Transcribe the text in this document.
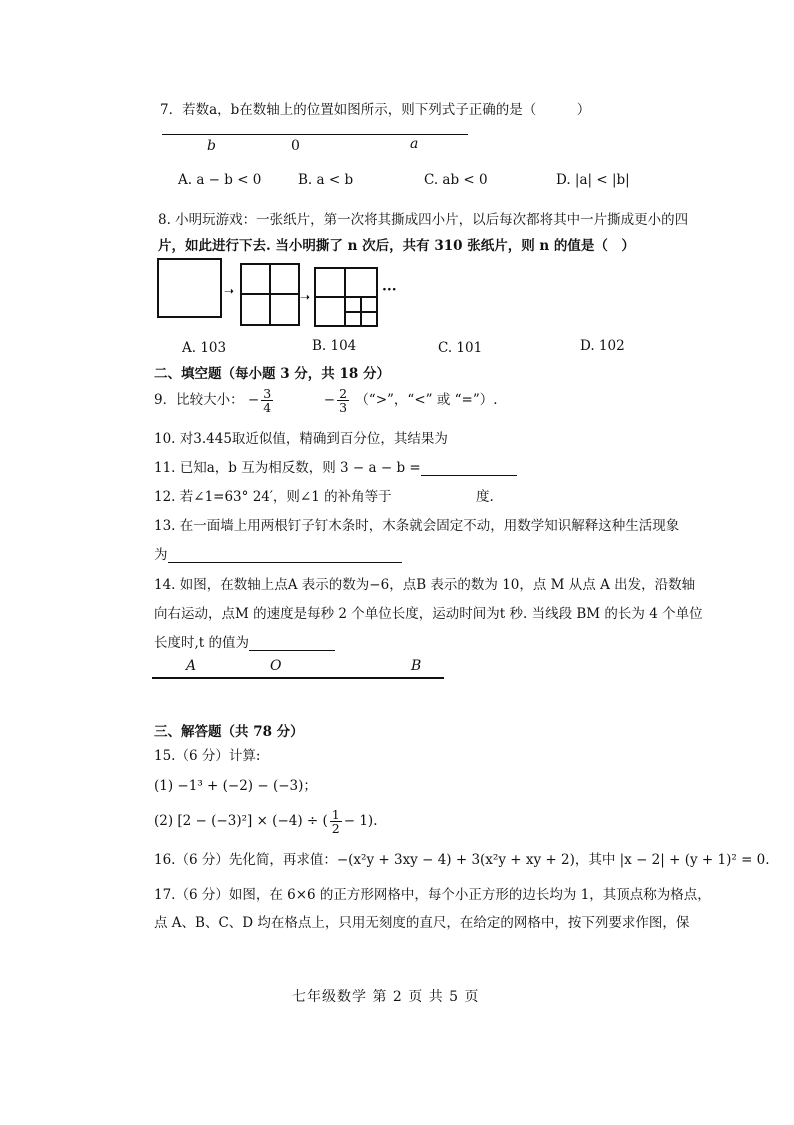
7．若数a，b在数轴上的位置如图所示，则下列式子正确的是（　　　）
b	0	a
A. a − b < 0	B. a < b	C. ab < 0	D. |a| < |b|
8. 小明玩游戏：一张纸片，第一次将其撕成四小片，以后每次都将其中一片撕成更小的四
片，如此进行下去. 当小明撕了 n 次后，共有 310 张纸片，则 n 的值是（　）
➝	➝	···
A. 103	B. 104	C. 101	D. 102
二、填空题（每小题 3 分，共 18 分）
9．比较大小： − $\frac{3}{4}$	− $\frac{2}{3}$ （“>”，“<” 或 “=”）.
10. 对3.445取近似值，精确到百分位，其结果为
11. 已知a，b 互为相反数，则 3 − a − b =
12. 若∠1=63° 24′，则∠1 的补角等于	度.
13. 在一面墙上用两根钉子钉木条时，木条就会固定不动，用数学知识解释这种生活现象
为
14. 如图，在数轴上点A 表示的数为−6，点B 表示的数为 10，点 M 从点 A 出发，沿数轴
向右运动，点M 的速度是每秒 2 个单位长度，运动时间为t 秒. 当线段 BM 的长为 4 个单位
长度时,t 的值为
A	O	B
三、解答题（共 78 分）
15.（6 分）计算:
(1) −1³ + (−2) − (−3)；
(2) [2 − (−3)²] × (−4) ÷ ( $\frac{1}{2} - 1$).
16.（6 分）先化简，再求值：−(x²y + 3xy − 4) + 3(x²y + xy + 2)，其中 |x − 2| + (y + 1)² = 0.
17.（6 分）如图，在 6×6 的正方形网格中，每个小正方形的边长均为 1，其顶点称为格点，
点 A、B、C、D 均在格点上，只用无刻度的直尺，在给定的网格中，按下列要求作图，保
七年级数学 第 2 页 共 5 页
